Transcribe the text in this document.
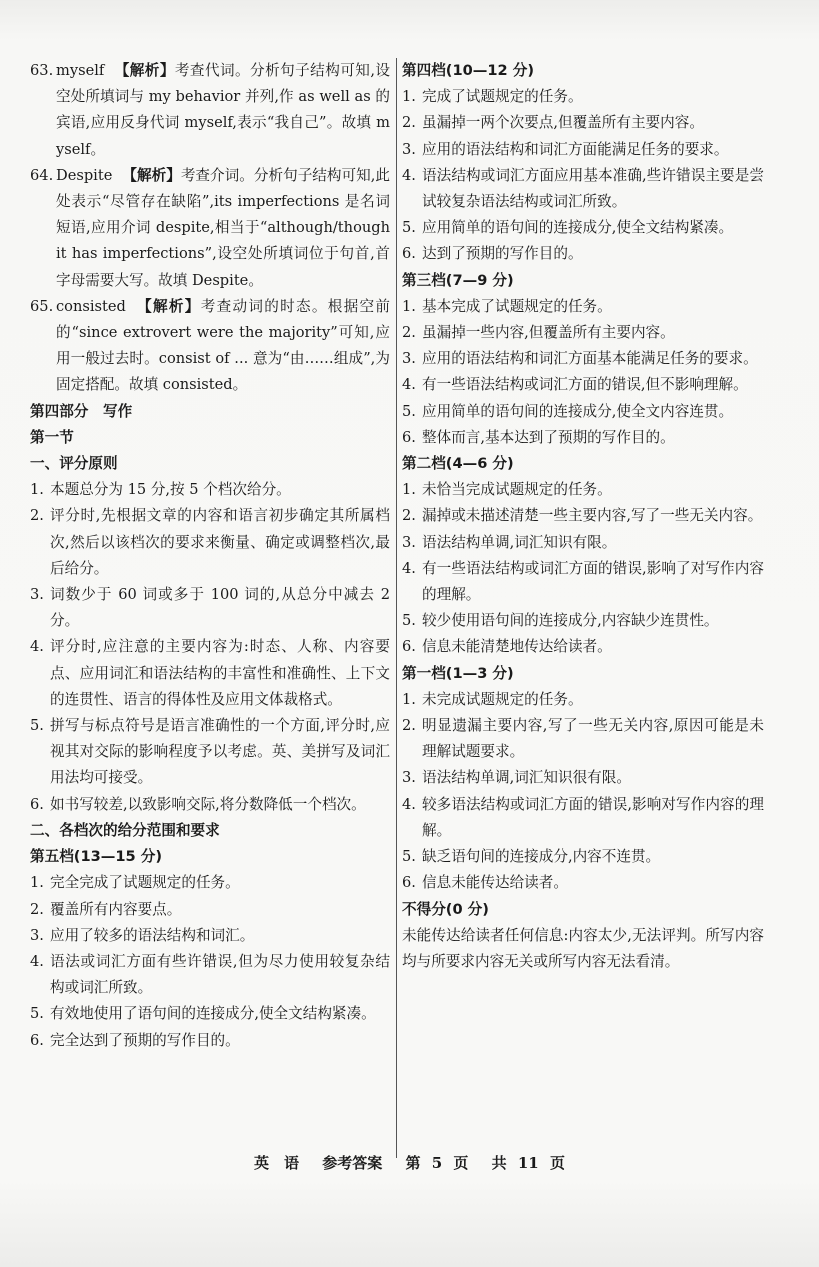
63. myself 【解析】考查代词。分析句子结构可知,设空处所填词与 my behavior 并列,作 as well as 的宾语,应用反身代词 myself,表示“我自己”。故填 myself。
64. Despite 【解析】考查介词。分析句子结构可知,此处表示“尽管存在缺陷”,its imperfections 是名词短语,应用介词 despite,相当于“although/though it has imperfections”,设空处所填词位于句首,首字母需要大写。故填 Despite。
65. consisted 【解析】考查动词的时态。根据空前的“since extrovert were the majority”可知,应用一般过去时。consist of ... 意为“由……组成”,为固定搭配。故填 consisted。
第四部分　写作
第一节
一、评分原则
1. 本题总分为 15 分,按 5 个档次给分。
2. 评分时,先根据文章的内容和语言初步确定其所属档次,然后以该档次的要求来衡量、确定或调整档次,最后给分。
3. 词数少于 60 词或多于 100 词的,从总分中减去 2 分。
4. 评分时,应注意的主要内容为:时态、人称、内容要点、应用词汇和语法结构的丰富性和准确性、上下文的连贯性、语言的得体性及应用文体裁格式。
5. 拼写与标点符号是语言准确性的一个方面,评分时,应视其对交际的影响程度予以考虑。英、美拼写及词汇用法均可接受。
6. 如书写较差,以致影响交际,将分数降低一个档次。
二、各档次的给分范围和要求
第五档(13—15 分)
1. 完全完成了试题规定的任务。
2. 覆盖所有内容要点。
3. 应用了较多的语法结构和词汇。
4. 语法或词汇方面有些许错误,但为尽力使用较复杂结构或词汇所致。
5. 有效地使用了语句间的连接成分,使全文结构紧凑。
6. 完全达到了预期的写作目的。
第四档(10—12 分)
1. 完成了试题规定的任务。
2. 虽漏掉一两个次要点,但覆盖所有主要内容。
3. 应用的语法结构和词汇方面能满足任务的要求。
4. 语法结构或词汇方面应用基本准确,些许错误主要是尝试较复杂语法结构或词汇所致。
5. 应用简单的语句间的连接成分,使全文结构紧凑。
6. 达到了预期的写作目的。
第三档(7—9 分)
1. 基本完成了试题规定的任务。
2. 虽漏掉一些内容,但覆盖所有主要内容。
3. 应用的语法结构和词汇方面基本能满足任务的要求。
4. 有一些语法结构或词汇方面的错误,但不影响理解。
5. 应用简单的语句间的连接成分,使全文内容连贯。
6. 整体而言,基本达到了预期的写作目的。
第二档(4—6 分)
1. 未恰当完成试题规定的任务。
2. 漏掉或未描述清楚一些主要内容,写了一些无关内容。
3. 语法结构单调,词汇知识有限。
4. 有一些语法结构或词汇方面的错误,影响了对写作内容的理解。
5. 较少使用语句间的连接成分,内容缺少连贯性。
6. 信息未能清楚地传达给读者。
第一档(1—3 分)
1. 未完成试题规定的任务。
2. 明显遗漏主要内容,写了一些无关内容,原因可能是未理解试题要求。
3. 语法结构单调,词汇知识很有限。
4. 较多语法结构或词汇方面的错误,影响对写作内容的理解。
5. 缺乏语句间的连接成分,内容不连贯。
6. 信息未能传达给读者。
不得分(0 分)

未能传达给读者任何信息:内容太少,无法评判。所写内容均与所要求内容无关或所写内容无法看清。

英　语 参考答案 第 5 页 共 11 页
